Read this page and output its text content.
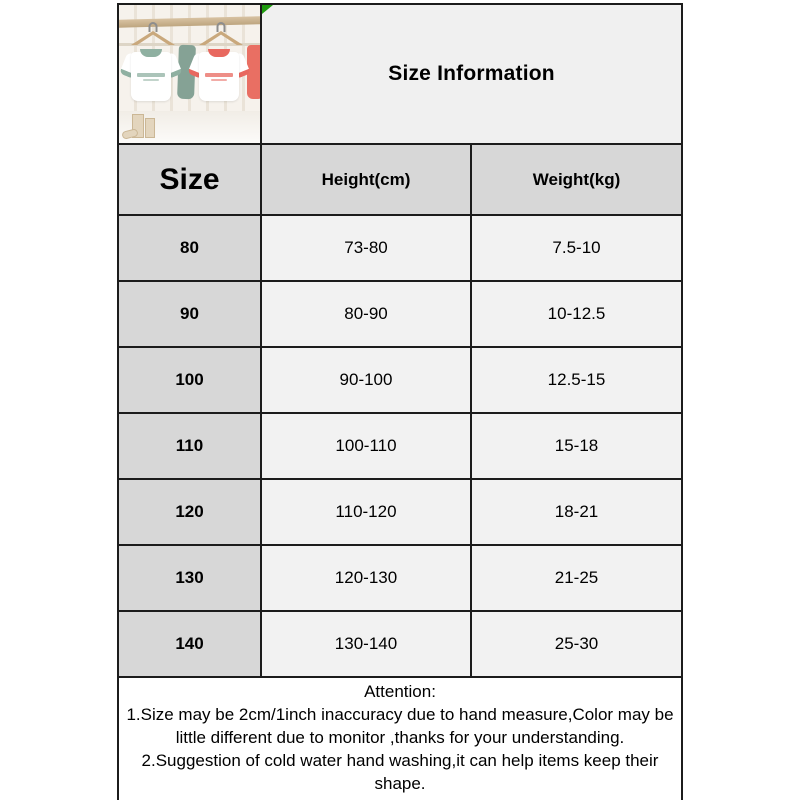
	Size Information	

Size	Height(cm)	Weight(kg)
80	73-80	7.5-10
90	80-90	10-12.5
100	90-100	12.5-15
110	100-110	15-18
120	110-120	18-21
130	120-130	21-25
140	130-140	25-30

Attention:
1.Size may be 2cm/1inch inaccuracy due to hand measure,Color may be little different due to monitor ,thanks for your understanding.
2.Suggestion of cold water hand washing,it can help items keep their shape.		
